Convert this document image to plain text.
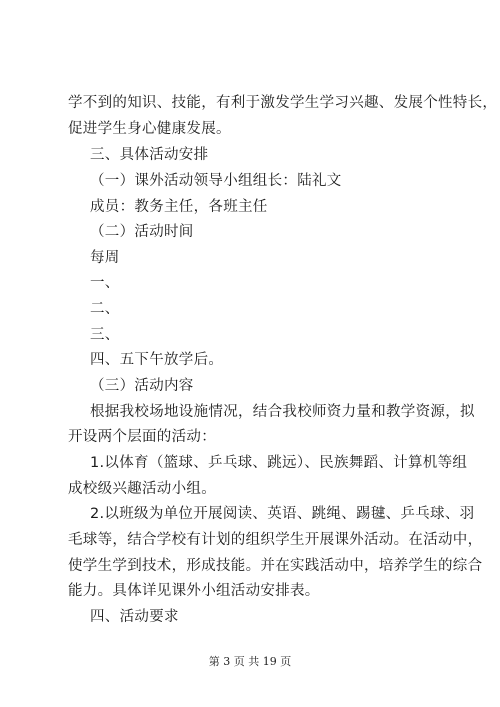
学不到的知识、技能，有利于激发学生学习兴趣、发展个性特长，
促进学生身心健康发展。
三、具体活动安排
（一）课外活动领导小组组长：陆礼文
成员：教务主任，各班主任
（二）活动时间
每周
一、
二、
三、
四、五下午放学后。
（三）活动内容
根据我校场地设施情况，结合我校师资力量和教学资源，拟
开设两个层面的活动：
1.以体育（篮球、乒乓球、跳远）、民族舞蹈、计算机等组
成校级兴趣活动小组。
2.以班级为单位开展阅读、英语、跳绳、踢毽、乒乓球、羽
毛球等，结合学校有计划的组织学生开展课外活动。在活动中，
使学生学到技术，形成技能。并在实践活动中，培养学生的综合
能力。具体详见课外小组活动安排表。
四、活动要求
第 3 页 共 19 页
